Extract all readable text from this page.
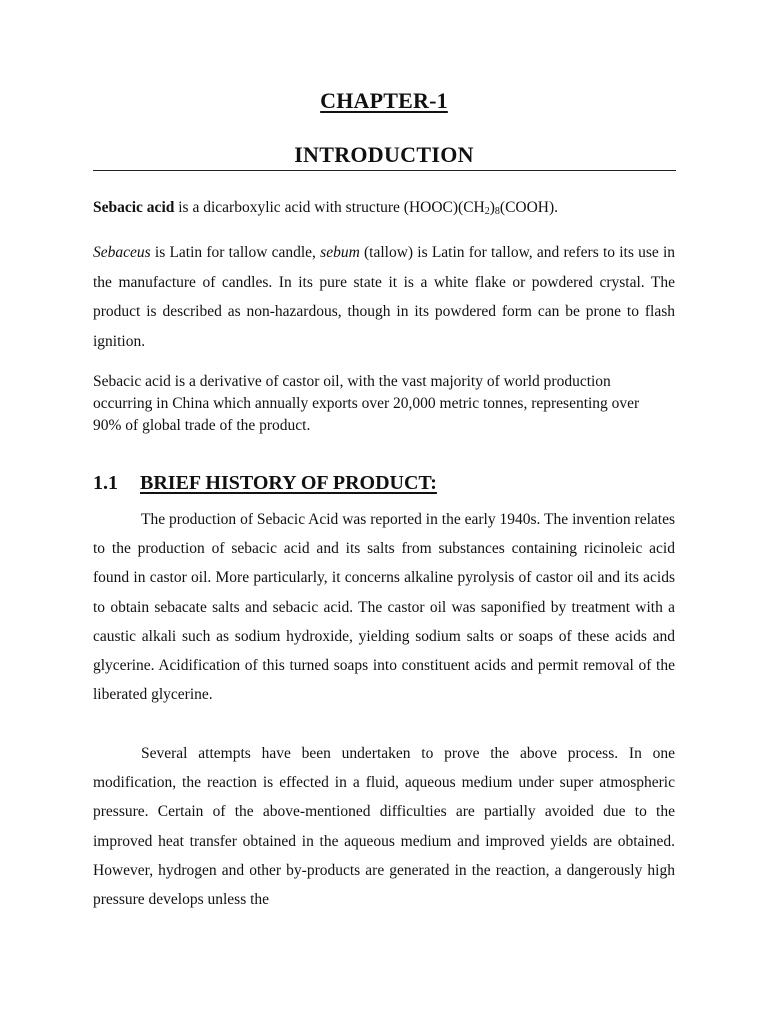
CHAPTER-1
INTRODUCTION

Sebacic acid is a dicarboxylic acid with structure $(HOOC)(CH_2)_8(COOH)$.

Sebaceus is Latin for tallow candle, sebum (tallow) is Latin for tallow, and refers to its use in the manufacture of candles. In its pure state it is a white flake or powdered crystal. The product is described as non-hazardous, though in its powdered form can be prone to flash ignition.

Sebacic acid is a derivative of castor oil, with the vast majority of world production occurring in China which annually exports over 20,000 metric tonnes, representing over 90% of global trade of the product.

1.1 BRIEF HISTORY OF PRODUCT:

The production of Sebacic Acid was reported in the early 1940s. The invention relates to the production of sebacic acid and its salts from substances containing ricinoleic acid found in castor oil. More particularly, it concerns alkaline pyrolysis of castor oil and its acids to obtain sebacate salts and sebacic acid. The castor oil was saponified by treatment with a caustic alkali such as sodium hydroxide, yielding sodium salts or soaps of these acids and glycerine. Acidification of this turned soaps into constituent acids and permit removal of the liberated glycerine.

Several attempts have been undertaken to prove the above process. In one modification, the reaction is effected in a fluid, aqueous medium under super atmospheric pressure. Certain of the above-mentioned difficulties are partially avoided due to the improved heat transfer obtained in the aqueous medium and improved yields are obtained. However, hydrogen and other by-products are generated in the reaction, a dangerously high pressure develops unless the
